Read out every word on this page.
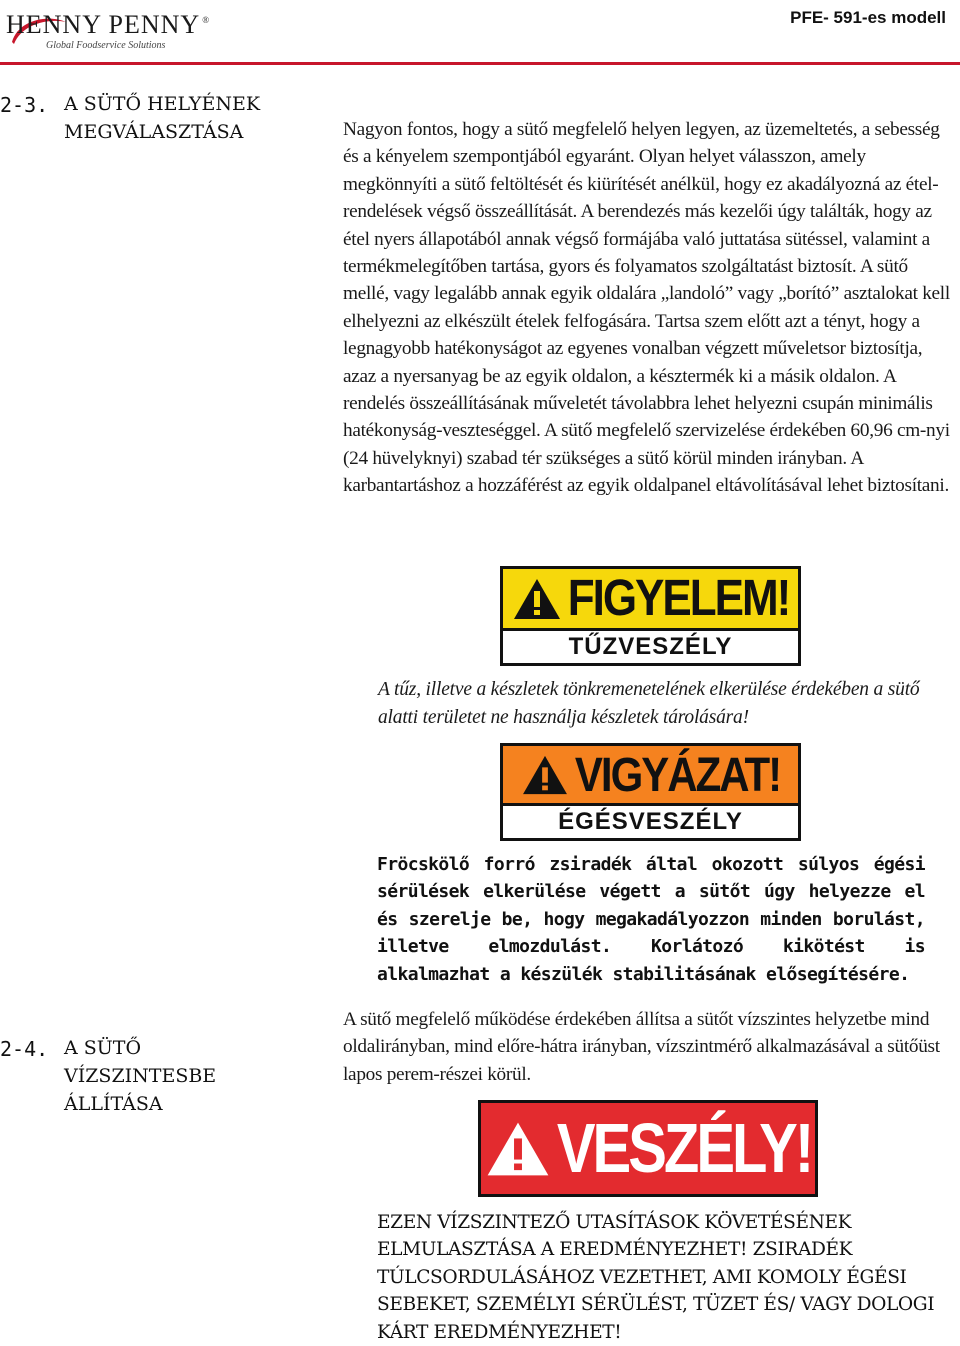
HENNY PENNY ®
Global Foodservice Solutions
PFE- 591-es modell
2-3. A SÜTŐ HELYÉNEK MEGVÁLASZTÁSA	Nagyon fontos, hogy a sütő megfelelő helyen legyen, az üzemeltetés, a sebesség és a kényelem szempontjából egyaránt. Olyan helyet válasszon, amely megkönnyíti a sütő feltöltését és kiürítését anélkül, hogy ez akadályozná az étel-rendelések végső összeállítását. A berendezés más kezelői úgy találták, hogy az étel nyers állapotából annak végső formájába való juttatása sütéssel, valamint a termékmelegítőben tartása, gyors és folyamatos szolgáltatást biztosít. A sütő mellé, vagy legalább annak egyik oldalára „landoló” vagy „borító” asztalokat kell elhelyezni az elkészült ételek felfogására. Tartsa szem előtt azt a tényt, hogy a legnagyobb hatékonyságot az egyenes vonalban végzett műveletsor biztosítja, azaz a nyersanyag be az egyik oldalon, a késztermék ki a másik oldalon. A rendelés összeállításának műveletét távolabbra lehet helyezni csupán minimális hatékonyság-veszteséggel. A sütő megfelelő szervizelése érdekében 60,96 cm-nyi (24 hüvelyknyi) szabad tér szükséges a sütő körül minden irányban. A karbantartáshoz a hozzáférést az egyik oldalpanel eltávolításával lehet biztosítani.
FIGYELEM!
TŰZVESZÉLY
A tűz, illetve a készletek tönkremenetelének elkerülése érdekében a sütő alatti területet ne használja készletek tárolására!
VIGYÁZAT!
ÉGÉSVESZÉLY
Fröcskölő forró zsiradék által okozott súlyos égési sérülések elkerülése végett a sütőt úgy helyezze el és szerelje be, hogy megakadályozzon minden borulást, illetve elmozdulást. Korlátozó kikötést is alkalmazhat a készülék stabilitásának elősegítésére.
2-4. A SÜTŐ VÍZSZINTESBE ÁLLÍTÁSA
A sütő megfelelő működése érdekében állítsa a sütőt vízszintes helyzetbe mind oldalirányban, mind előre-hátra irányban, vízszintmérő alkalmazásával a sütőüst lapos perem-részei körül.
VESZÉLY!
EZEN VÍZSZINTEZŐ UTASÍTÁSOK KÖVETÉSÉNEK ELMULASZTÁSA A EREDMÉNYEZHET! ZSIRADÉK TÚLCSORDULÁSÁHOZ VEZETHET, AMI KOMOLY ÉGÉSI SEBEKET, SZEMÉLYI SÉRÜLÉST, TÜZET ÉS/ VAGY DOLOGI KÁRT EREDMÉNYEZHET!
